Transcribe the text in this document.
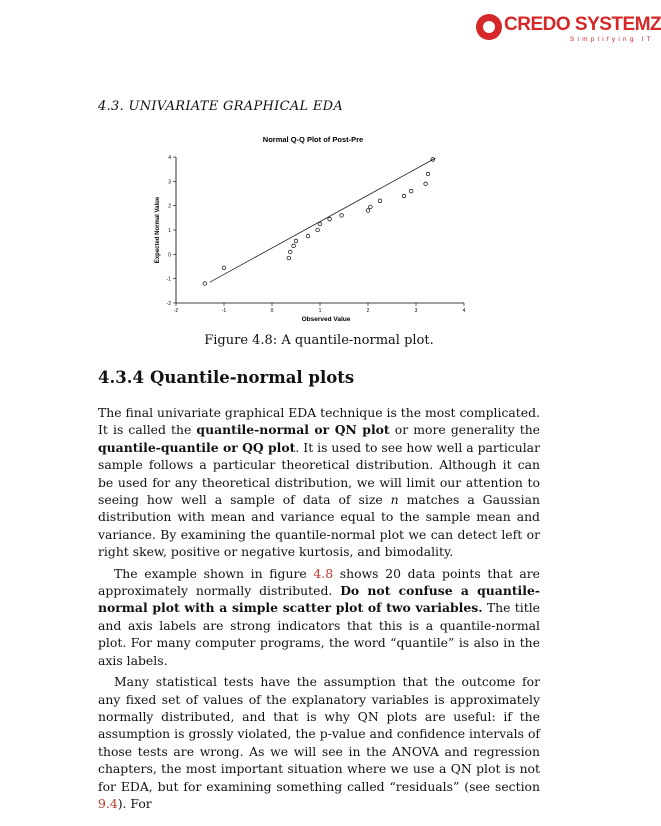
CREDO SYSTEMZ
Simplifying IT
4.3. UNIVARIATE GRAPHICAL EDA
Normal Q-Q Plot of Post-Pre
-2
-1
0
1
2
3
4
-2	-1	0	1	2	3	4
Expected Normal Value
Observed Value
Figure 4.8: A quantile-normal plot.
4.3.4 Quantile-normal plots

The final univariate graphical EDA technique is the most complicated. It is called the quantile-normal or QN plot or more generality the quantile-quantile or QQ plot. It is used to see how well a particular sample follows a particular theoretical distribution. Although it can be used for any theoretical distribution, we will limit our attention to seeing how well a sample of data of size n matches a Gaussian distribution with mean and variance equal to the sample mean and variance. By examining the quantile-normal plot we can detect left or right skew, positive or negative kurtosis, and bimodality.

The example shown in figure 4.8 shows 20 data points that are approximately normally distributed. Do not confuse a quantile-normal plot with a simple scatter plot of two variables. The title and axis labels are strong indicators that this is a quantile-normal plot. For many computer programs, the word “quantile” is also in the axis labels.

Many statistical tests have the assumption that the outcome for any fixed set of values of the explanatory variables is approximately normally distributed, and that is why QN plots are useful: if the assumption is grossly violated, the p-value and confidence intervals of those tests are wrong. As we will see in the ANOVA and regression chapters, the most important situation where we use a QN plot is not for EDA, but for examining something called “residuals” (see section 9.4). For
